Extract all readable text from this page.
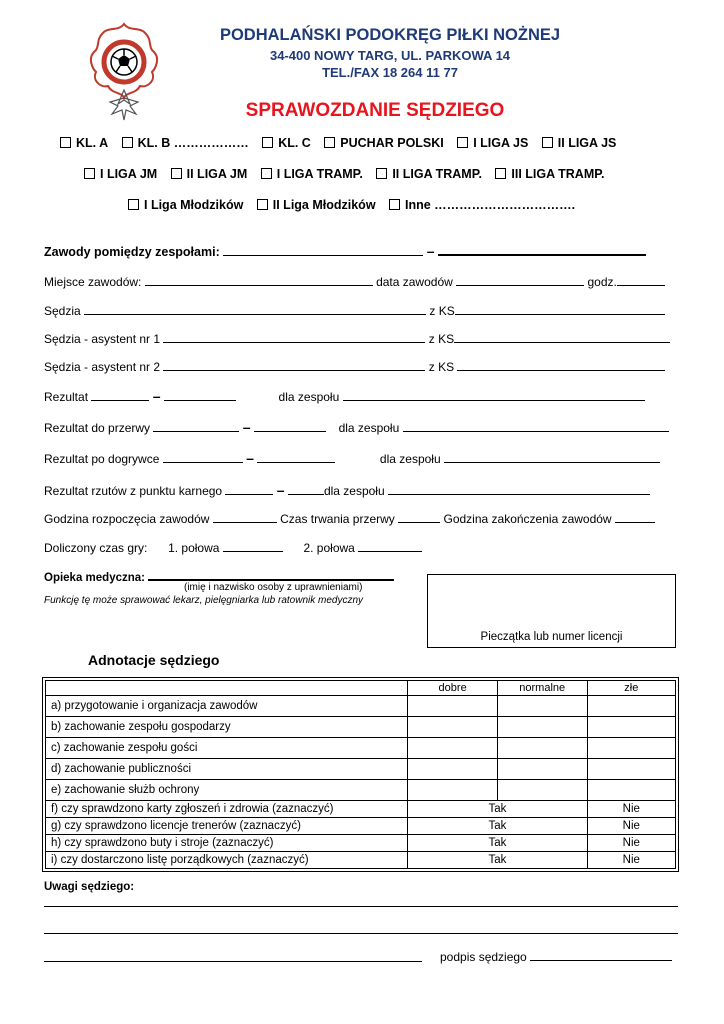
PODHALAŃSKI PODOKRĘG PIŁKI NOŻNEJ
34-400 NOWY TARG, UL. PARKOWA 14
TEL./FAX 18 264 11 77
SPRAWOZDANIE SĘDZIEGO
KL. A KL. B ……………… KL. C PUCHAR POLSKI I LIGA JS II LIGA JS
I LIGA JM II LIGA JM I LIGA TRAMP. II LIGA TRAMP. III LIGA TRAMP.
I Liga Młodzików II Liga Młodzików Inne …………………………….
Zawody pomiędzy zespołami:	–
Miejsce zawodów:	data zawodów	godz.
Sędzia	z KS
Sędzia - asystent nr 1	z KS
Sędzia - asystent nr 2	z KS
Rezultat	–	dla zespołu
Rezultat do przerwy	–	dla zespołu
Rezultat po dogrywce	–	dla zespołu
Rezultat rzutów z punktu karnego	–	dla zespołu
Godzina rozpoczęcia zawodów	Czas trwania przerwy	Godzina zakończenia zawodów
Doliczony czas gry: 1. połowa	2. połowa
Opieka medyczna:
(imię i nazwisko osoby z uprawnieniami)
Funkcję tę może sprawować lekarz, pielęgniarka lub ratownik medyczny
Pieczątka lub numer licencji
Adnotacje sędziego
	dobre	normalne	złe
a) przygotowanie i organizacja zawodów			
b) zachowanie zespołu gospodarzy			
c) zachowanie zespołu gości			
d) zachowanie publiczności			
e) zachowanie służb ochrony			
f) czy sprawdzono karty zgłoszeń i zdrowia (zaznaczyć)	Tak		Nie
g) czy sprawdzono licencje trenerów (zaznaczyć)	Tak		Nie
h) czy sprawdzono buty i stroje (zaznaczyć)	Tak		Nie
i) czy dostarczono listę porządkowych (zaznaczyć)	Tak		Nie
Uwagi sędziego:
podpis sędziego
